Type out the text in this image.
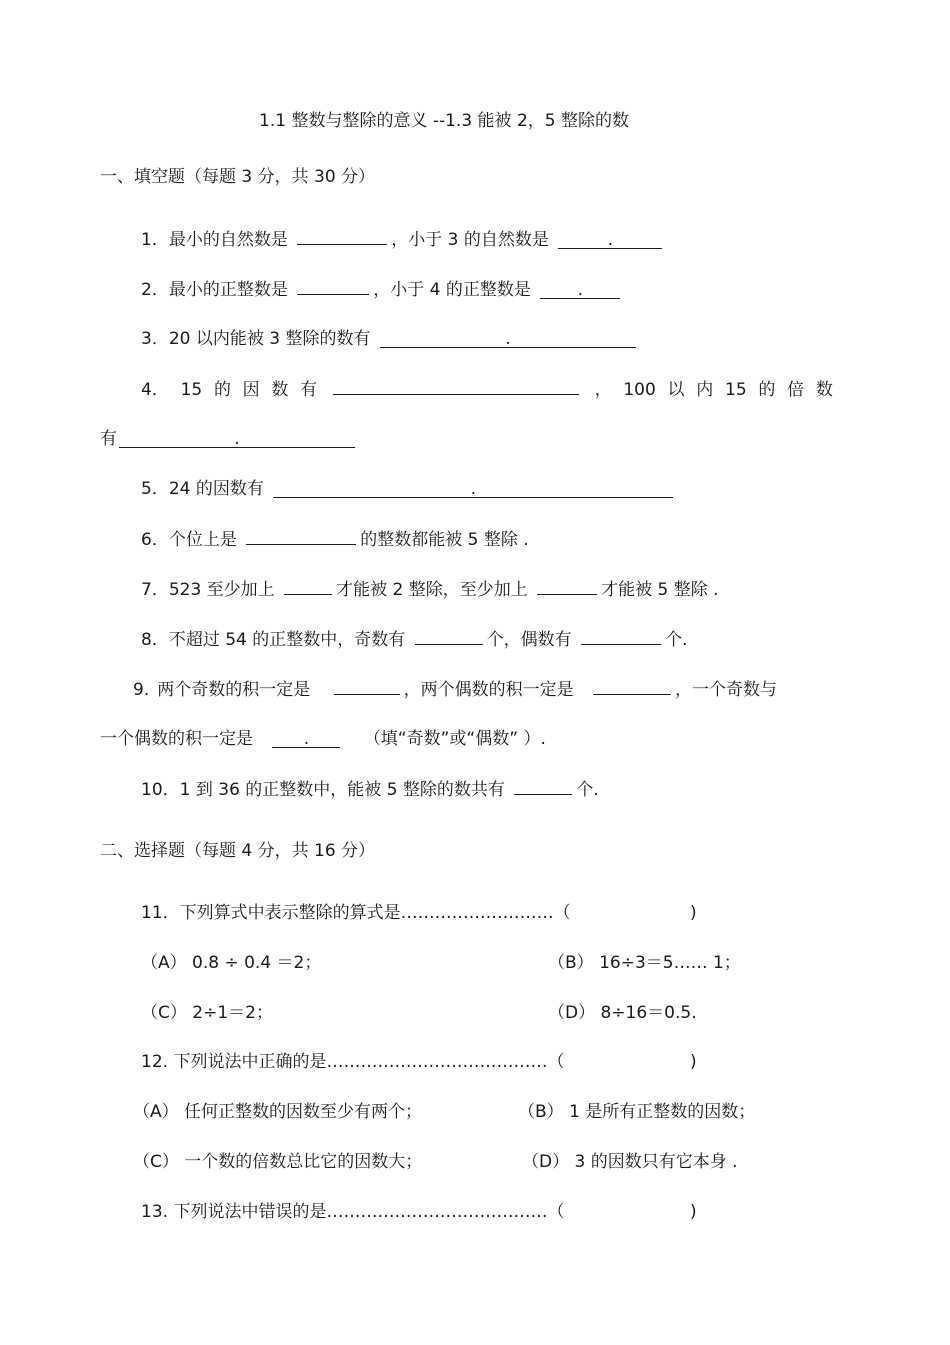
1.1 整数与整除的意义 --1.3 能被 2，5 整除的数
一、填空题（每题 3 分，共 30 分）
1．最小的自然数是	，小于 3 的自然数是	.
2．最小的正整数是	，小于 4 的正整数是	.
3．20 以内能被 3 整除的数有	.
4． 15 的 因 数 有	， 100 以 内 15 的 倍 数
有	.
5．24 的因数有	.
6．个位上是	的整数都能被 5 整除 .
7．523 至少加上	才能被 2 整除，至少加上	才能被 5 整除 .
8．不超过 54 的正整数中，奇数有	个，偶数有	个.
9. 两个奇数的积一定是	，两个偶数的积一定是	，一个奇数与
一个偶数的积一定是	.	（填“奇数”或“偶数” ）.
10．1 到 36 的正整数中，能被 5 整除的数共有	个.
二、选择题（每题 4 分，共 16 分）
11．下列算式中表示整除的算式是………………………（	)
（A） 0.8 ÷ 0.4 ＝2；	（B） 16÷3＝5…… 1；
（C） 2÷1＝2；	（D） 8÷16＝0.5.
12. 下列说法中正确的是…………………………………（	)
（A） 任何正整数的因数至少有两个；	（B） 1 是所有正整数的因数；
（C） 一个数的倍数总比它的因数大；	（D） 3 的因数只有它本身 .
13. 下列说法中错误的是…………………………………（	)
